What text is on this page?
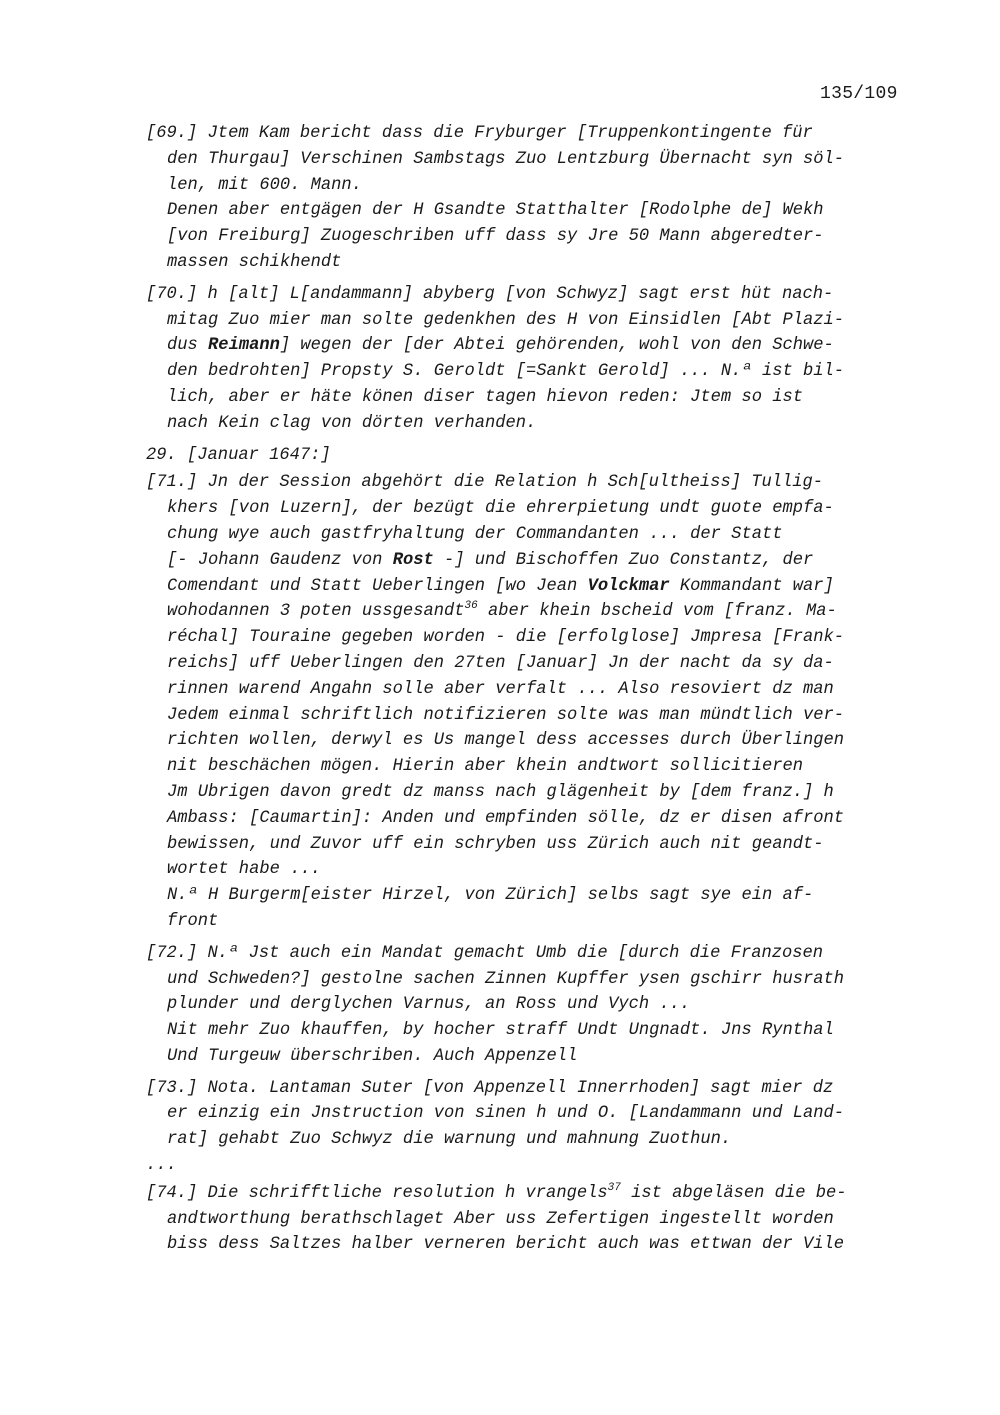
135/109
[69.] Jtem Kam bericht dass die Fryburger [Truppenkontingente für
den Thurgau] Verschinen Sambstags Zuo Lentzburg Übernacht syn söl-
len, mit 600. Mann.
Denen aber entgägen der H Gsandte Statthalter [Rodolphe de] Wekh
[von Freiburg] Zuogeschriben uff dass sy Jre 50 Mann abgeredter-
massen schikhendt
[70.] h [alt] L[andammann] abyberg [von Schwyz] sagt erst hüt nach-
mitag Zuo mier man solte gedenkhen des H von Einsidlen [Abt Plazi-
dus Reimann] wegen der [der Abtei gehörenden, wohl von den Schwe-
den bedrohten] Propsty S. Geroldt [=Sankt Gerold] ... N.ª ist bil-
lich, aber er häte könen diser tagen hievon reden: Jtem so ist
nach Kein clag von dörten verhanden.
29. [Januar 1647:]
[71.] Jn der Session abgehört die Relation h Sch[ultheiss] Tullig-
khers [von Luzern], der bezügt die ehrerpietung undt guote empfa-
chung wye auch gastfryhaltung der Commandanten ... der Statt
[- Johann Gaudenz von Rost -] und Bischoffen Zuo Constantz, der
Comendant und Statt Ueberlingen [wo Jean Volckmar Kommandant war]
wohodannen 3 poten ussgesandt$^{36}$ aber khein bscheid vom [franz. Ma-
réchal] Touraine gegeben worden - die [erfolglose] Jmpresa [Frank-
reichs] uff Ueberlingen den 27ten [Januar] Jn der nacht da sy da-
rinnen warend Angahn solle aber verfalt ... Also resoviert dz man
Jedem einmal schriftlich notifizieren solte was man mündtlich ver-
richten wollen, derwyl es Us mangel dess accesses durch Überlingen
nit beschächen mögen. Hierin aber khein andtwort sollicitieren
Jm Ubrigen davon gredt dz manss nach glägenheit by [dem franz.] h
Ambass: [Caumartin]: Anden und empfinden sölle, dz er disen afront
bewissen, und Zuvor uff ein schryben uss Zürich auch nit geandt-
wortet habe ...
N.ª H Burgerm[eister Hirzel, von Zürich] selbs sagt sye ein af-
front
[72.] N.ª Jst auch ein Mandat gemacht Umb die [durch die Franzosen
und Schweden?] gestolne sachen Zinnen Kupffer ysen gschirr husrath
plunder und derglychen Varnus, an Ross und Vych ...
Nit mehr Zuo khauffen, by hocher straff Undt Ungnadt. Jns Rynthal
Und Turgeuw überschriben. Auch Appenzell
[73.] Nota. Lantaman Suter [von Appenzell Innerrhoden] sagt mier dz
er einzig ein Jnstruction von sinen h und O. [Landammann und Land-
rat] gehabt Zuo Schwyz die warnung und mahnung Zuothun.
...
[74.] Die schrifftliche resolution h vrangels$^{37}$ ist abgeläsen die be-
andtworthung berathschlaget Aber uss Zefertigen ingestellt worden
biss dess Saltzes halber verneren bericht auch was ettwan der Vile
